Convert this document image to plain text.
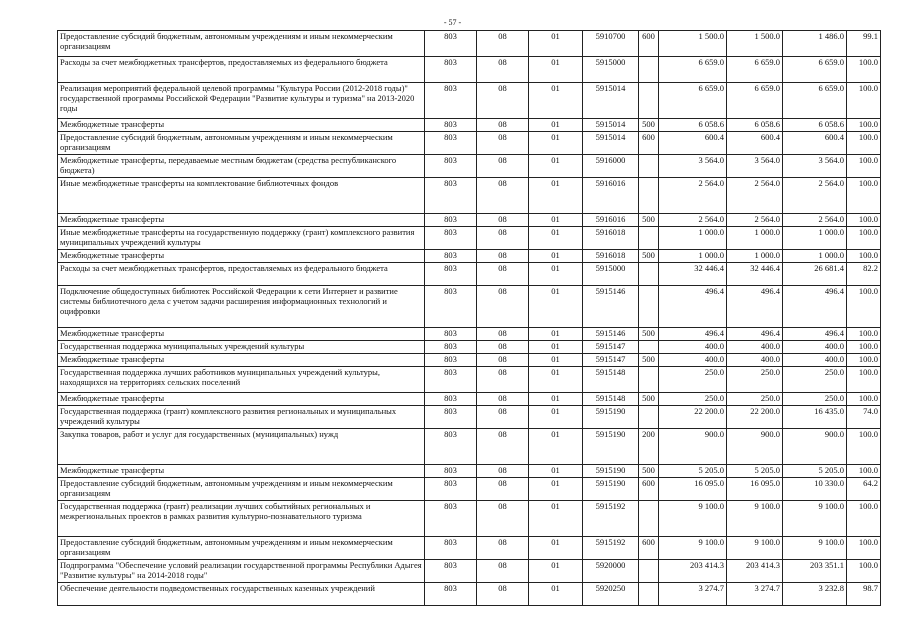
- 57 -
Предоставление субсидий бюджетным, автономным учреждениям и иным некоммерческим организациям	803	08	01	5910700	600	1 500.0	1 500.0	1 486.0	99.1
Расходы за счет межбюджетных трансфертов, предоставляемых из федерального бюджета	803	08	01	5915000		6 659.0	6 659.0	6 659.0	100.0
Реализация мероприятий федеральной целевой программы "Культура России (2012-2018 годы)" государственной программы Российской Федерации "Развитие культуры и туризма" на 2013-2020 годы	803	08	01	5915014		6 659.0	6 659.0	6 659.0	100.0
Межбюджетные трансферты	803	08	01	5915014	500	6 058.6	6 058.6	6 058.6	100.0
Предоставление субсидий бюджетным, автономным учреждениям и иным некоммерческим организациям	803	08	01	5915014	600	600.4	600.4	600.4	100.0
Межбюджетные трансферты, передаваемые местным бюджетам (средства республиканского бюджета)	803	08	01	5916000		3 564.0	3 564.0	3 564.0	100.0
Иные межбюджетные трансферты на комплектование библиотечных фондов	803	08	01	5916016		2 564.0	2 564.0	2 564.0	100.0
Межбюджетные трансферты	803	08	01	5916016	500	2 564.0	2 564.0	2 564.0	100.0
Иные межбюджетные трансферты на государственную поддержку (грант) комплексного развития муниципальных учреждений культуры	803	08	01	5916018		1 000.0	1 000.0	1 000.0	100.0
Межбюджетные трансферты	803	08	01	5916018	500	1 000.0	1 000.0	1 000.0	100.0
Расходы за счет межбюджетных трансфертов, предоставляемых из федерального бюджета	803	08	01	5915000		32 446.4	32 446.4	26 681.4	82.2
Подключение общедоступных библиотек Российской Федерации к сети Интернет и развитие системы библиотечного дела с учетом задачи расширения информационных технологий и оцифровки	803	08	01	5915146		496.4	496.4	496.4	100.0
Межбюджетные трансферты	803	08	01	5915146	500	496.4	496.4	496.4	100.0
Государственная поддержка муниципальных учреждений культуры	803	08	01	5915147		400.0	400.0	400.0	100.0
Межбюджетные трансферты	803	08	01	5915147	500	400.0	400.0	400.0	100.0
Государственная поддержка лучших работников муниципальных учреждений культуры, находящихся на территориях сельских поселений	803	08	01	5915148		250.0	250.0	250.0	100.0
Межбюджетные трансферты	803	08	01	5915148	500	250.0	250.0	250.0	100.0
Государственная поддержка (грант) комплексного развития региональных и муниципальных учреждений культуры	803	08	01	5915190		22 200.0	22 200.0	16 435.0	74.0
Закупка товаров, работ и услуг для государственных (муниципальных) нужд	803	08	01	5915190	200	900.0	900.0	900.0	100.0
Межбюджетные трансферты	803	08	01	5915190	500	5 205.0	5 205.0	5 205.0	100.0
Предоставление субсидий бюджетным, автономным учреждениям и иным некоммерческим организациям	803	08	01	5915190	600	16 095.0	16 095.0	10 330.0	64.2
Государственная поддержка (грант) реализации лучших событийных региональных и межрегиональных проектов в рамках развития культурно-познавательного туризма	803	08	01	5915192		9 100.0	9 100.0	9 100.0	100.0
Предоставление субсидий бюджетным, автономным учреждениям и иным некоммерческим организациям	803	08	01	5915192	600	9 100.0	9 100.0	9 100.0	100.0
Подпрограмма "Обеспечение условий реализации государственной программы Республики Адыгея "Развитие культуры" на 2014-2018 годы"	803	08	01	5920000		203 414.3	203 414.3	203 351.1	100.0
Обеспечение деятельности подведомственных государственных казенных учреждений	803	08	01	5920250		3 274.7	3 274.7	3 232.8	98.7
